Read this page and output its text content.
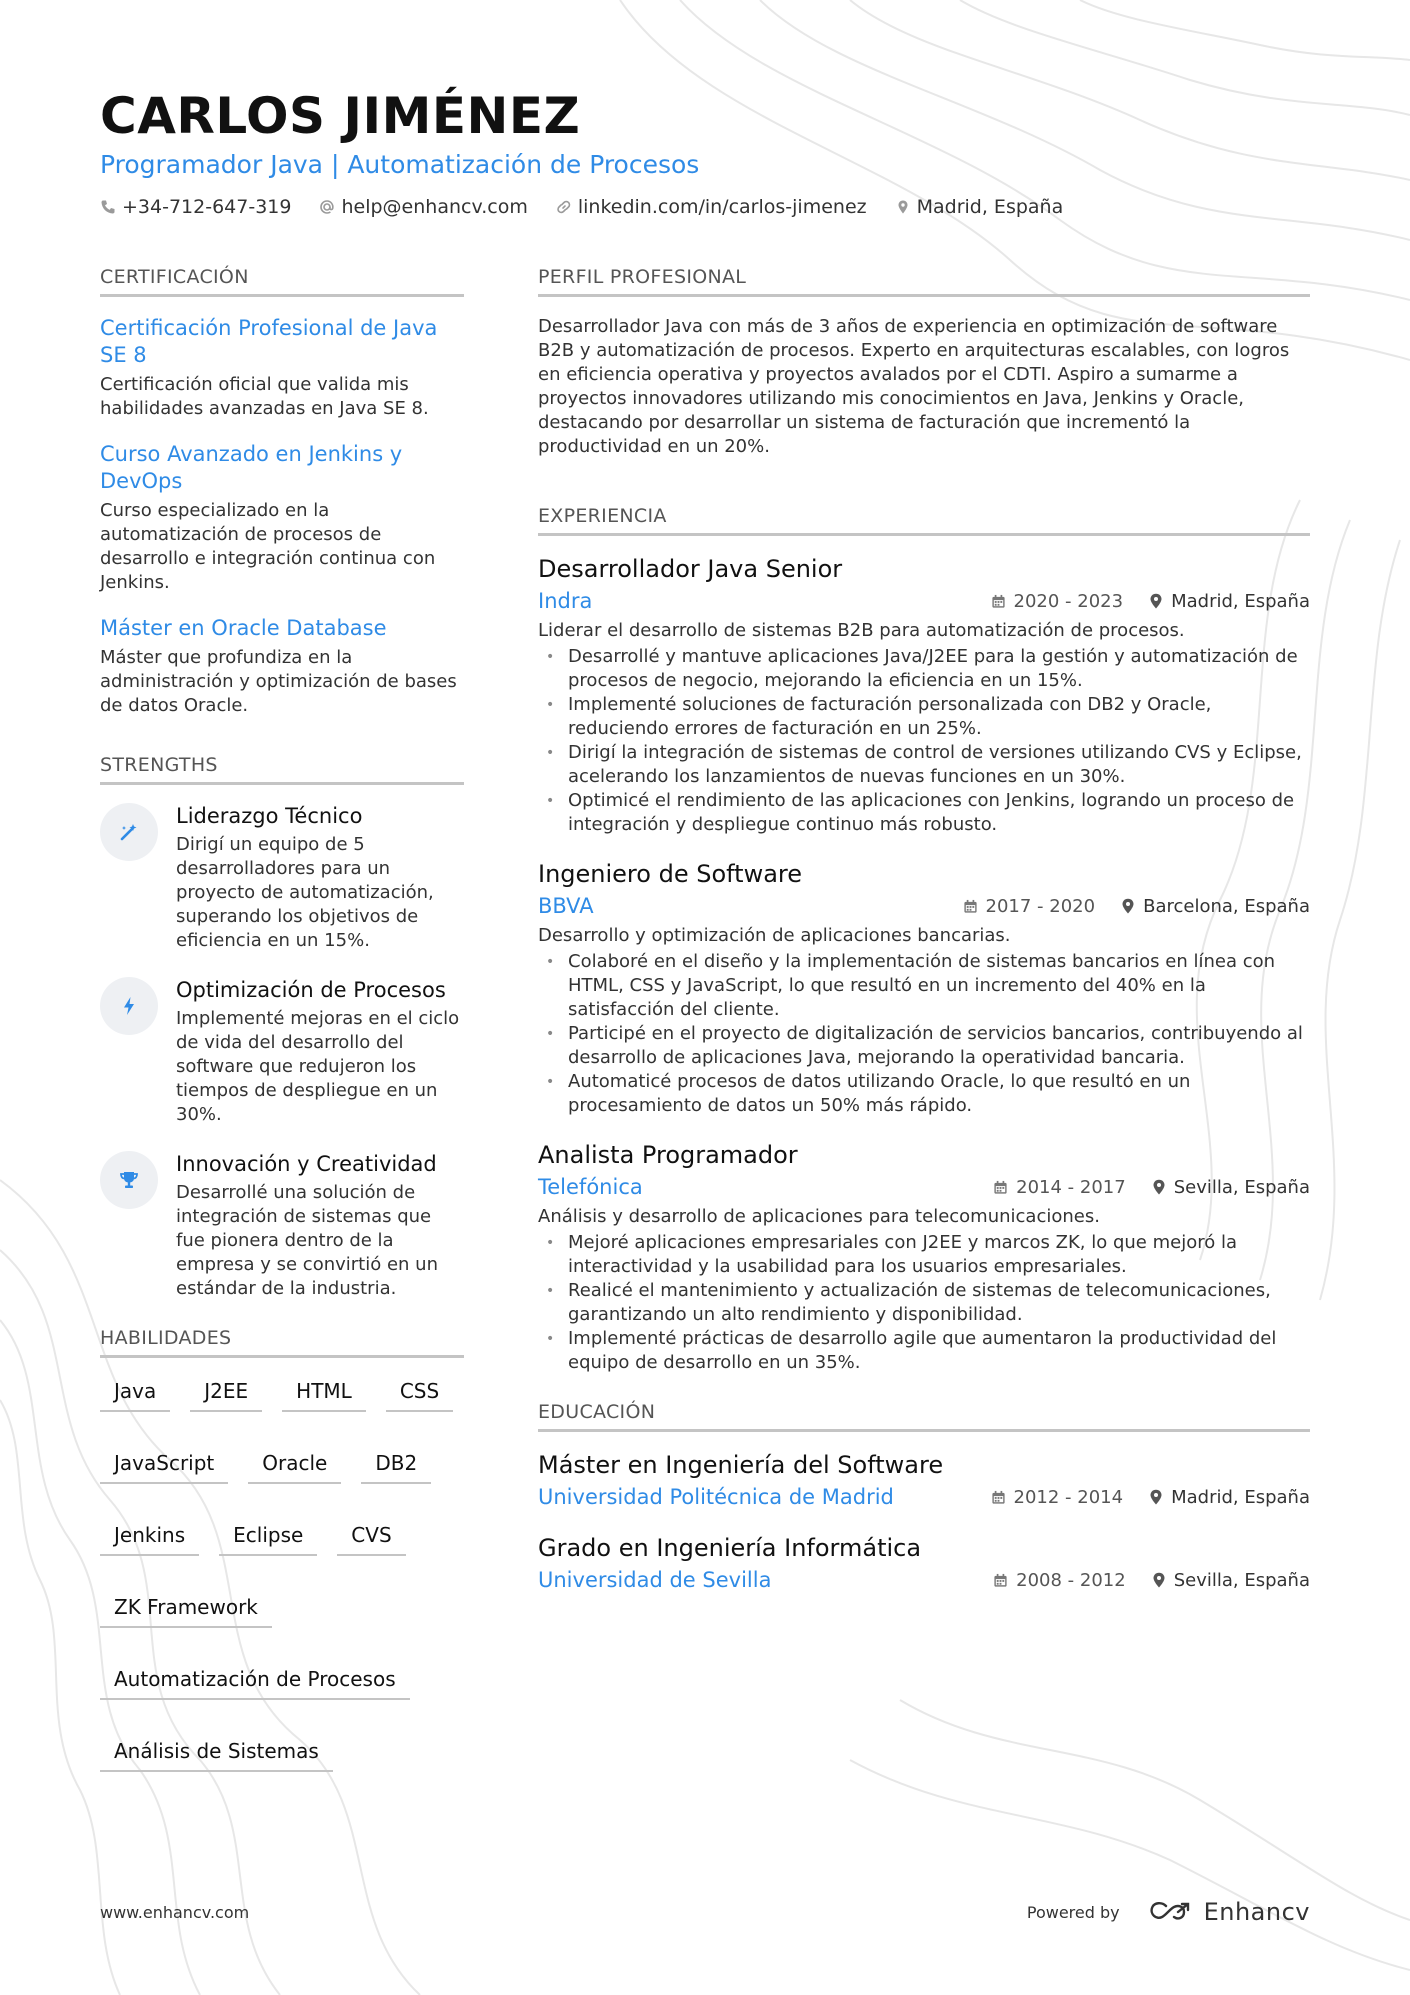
CARLOS JIMÉNEZ
Programador Java | Automatización de Procesos
+34-712-647-319	help@enhancv.com	linkedin.com/in/carlos-jimenez	Madrid, España
CERTIFICACIÓN
Certificación Profesional de Java SE 8
Certificación oficial que valida mis habilidades avanzadas en Java SE 8.
Curso Avanzado en Jenkins y DevOps
Curso especializado en la automatización de procesos de desarrollo e integración continua con Jenkins.
Máster en Oracle Database
Máster que profundiza en la administración y optimización de bases de datos Oracle.
STRENGTHS
Liderazgo Técnico
Dirigí un equipo de 5 desarrolladores para un proyecto de automatización, superando los objetivos de eficiencia en un 15%.
Optimización de Procesos
Implementé mejoras en el ciclo de vida del desarrollo del software que redujeron los tiempos de despliegue en un 30%.
Innovación y Creatividad
Desarrollé una solución de integración de sistemas que fue pionera dentro de la empresa y se convirtió en un estándar de la industria.
HABILIDADES
Java	J2EE	HTML	CSS
JavaScript	Oracle	DB2
Jenkins	Eclipse	CVS
ZK Framework
Automatización de Procesos
Análisis de Sistemas
PERFIL PROFESIONAL
Desarrollador Java con más de 3 años de experiencia en optimización de software B2B y automatización de procesos. Experto en arquitecturas escalables, con logros en eficiencia operativa y proyectos avalados por el CDTI. Aspiro a sumarme a proyectos innovadores utilizando mis conocimientos en Java, Jenkins y Oracle, destacando por desarrollar un sistema de facturación que incrementó la productividad en un 20%.
EXPERIENCIA
Desarrollador Java Senior
Indra	2020 - 2023	Madrid, España
Liderar el desarrollo de sistemas B2B para automatización de procesos.
• Desarrollé y mantuve aplicaciones Java/J2EE para la gestión y automatización de procesos de negocio, mejorando la eficiencia en un 15%.
• Implementé soluciones de facturación personalizada con DB2 y Oracle, reduciendo errores de facturación en un 25%.
• Dirigí la integración de sistemas de control de versiones utilizando CVS y Eclipse, acelerando los lanzamientos de nuevas funciones en un 30%.
• Optimicé el rendimiento de las aplicaciones con Jenkins, logrando un proceso de integración y despliegue continuo más robusto.
Ingeniero de Software
BBVA	2017 - 2020	Barcelona, España
Desarrollo y optimización de aplicaciones bancarias.
• Colaboré en el diseño y la implementación de sistemas bancarios en línea con HTML, CSS y JavaScript, lo que resultó en un incremento del 40% en la satisfacción del cliente.
• Participé en el proyecto de digitalización de servicios bancarios, contribuyendo al desarrollo de aplicaciones Java, mejorando la operatividad bancaria.
• Automaticé procesos de datos utilizando Oracle, lo que resultó en un procesamiento de datos un 50% más rápido.
Analista Programador
Telefónica	2014 - 2017	Sevilla, España
Análisis y desarrollo de aplicaciones para telecomunicaciones.
• Mejoré aplicaciones empresariales con J2EE y marcos ZK, lo que mejoró la interactividad y la usabilidad para los usuarios empresariales.
• Realicé el mantenimiento y actualización de sistemas de telecomunicaciones, garantizando un alto rendimiento y disponibilidad.
• Implementé prácticas de desarrollo agile que aumentaron la productividad del equipo de desarrollo en un 35%.
EDUCACIÓN
Máster en Ingeniería del Software
Universidad Politécnica de Madrid	2012 - 2014	Madrid, España
Grado en Ingeniería Informática
Universidad de Sevilla	2008 - 2012	Sevilla, España
www.enhancv.com	Powered by	Enhancv
